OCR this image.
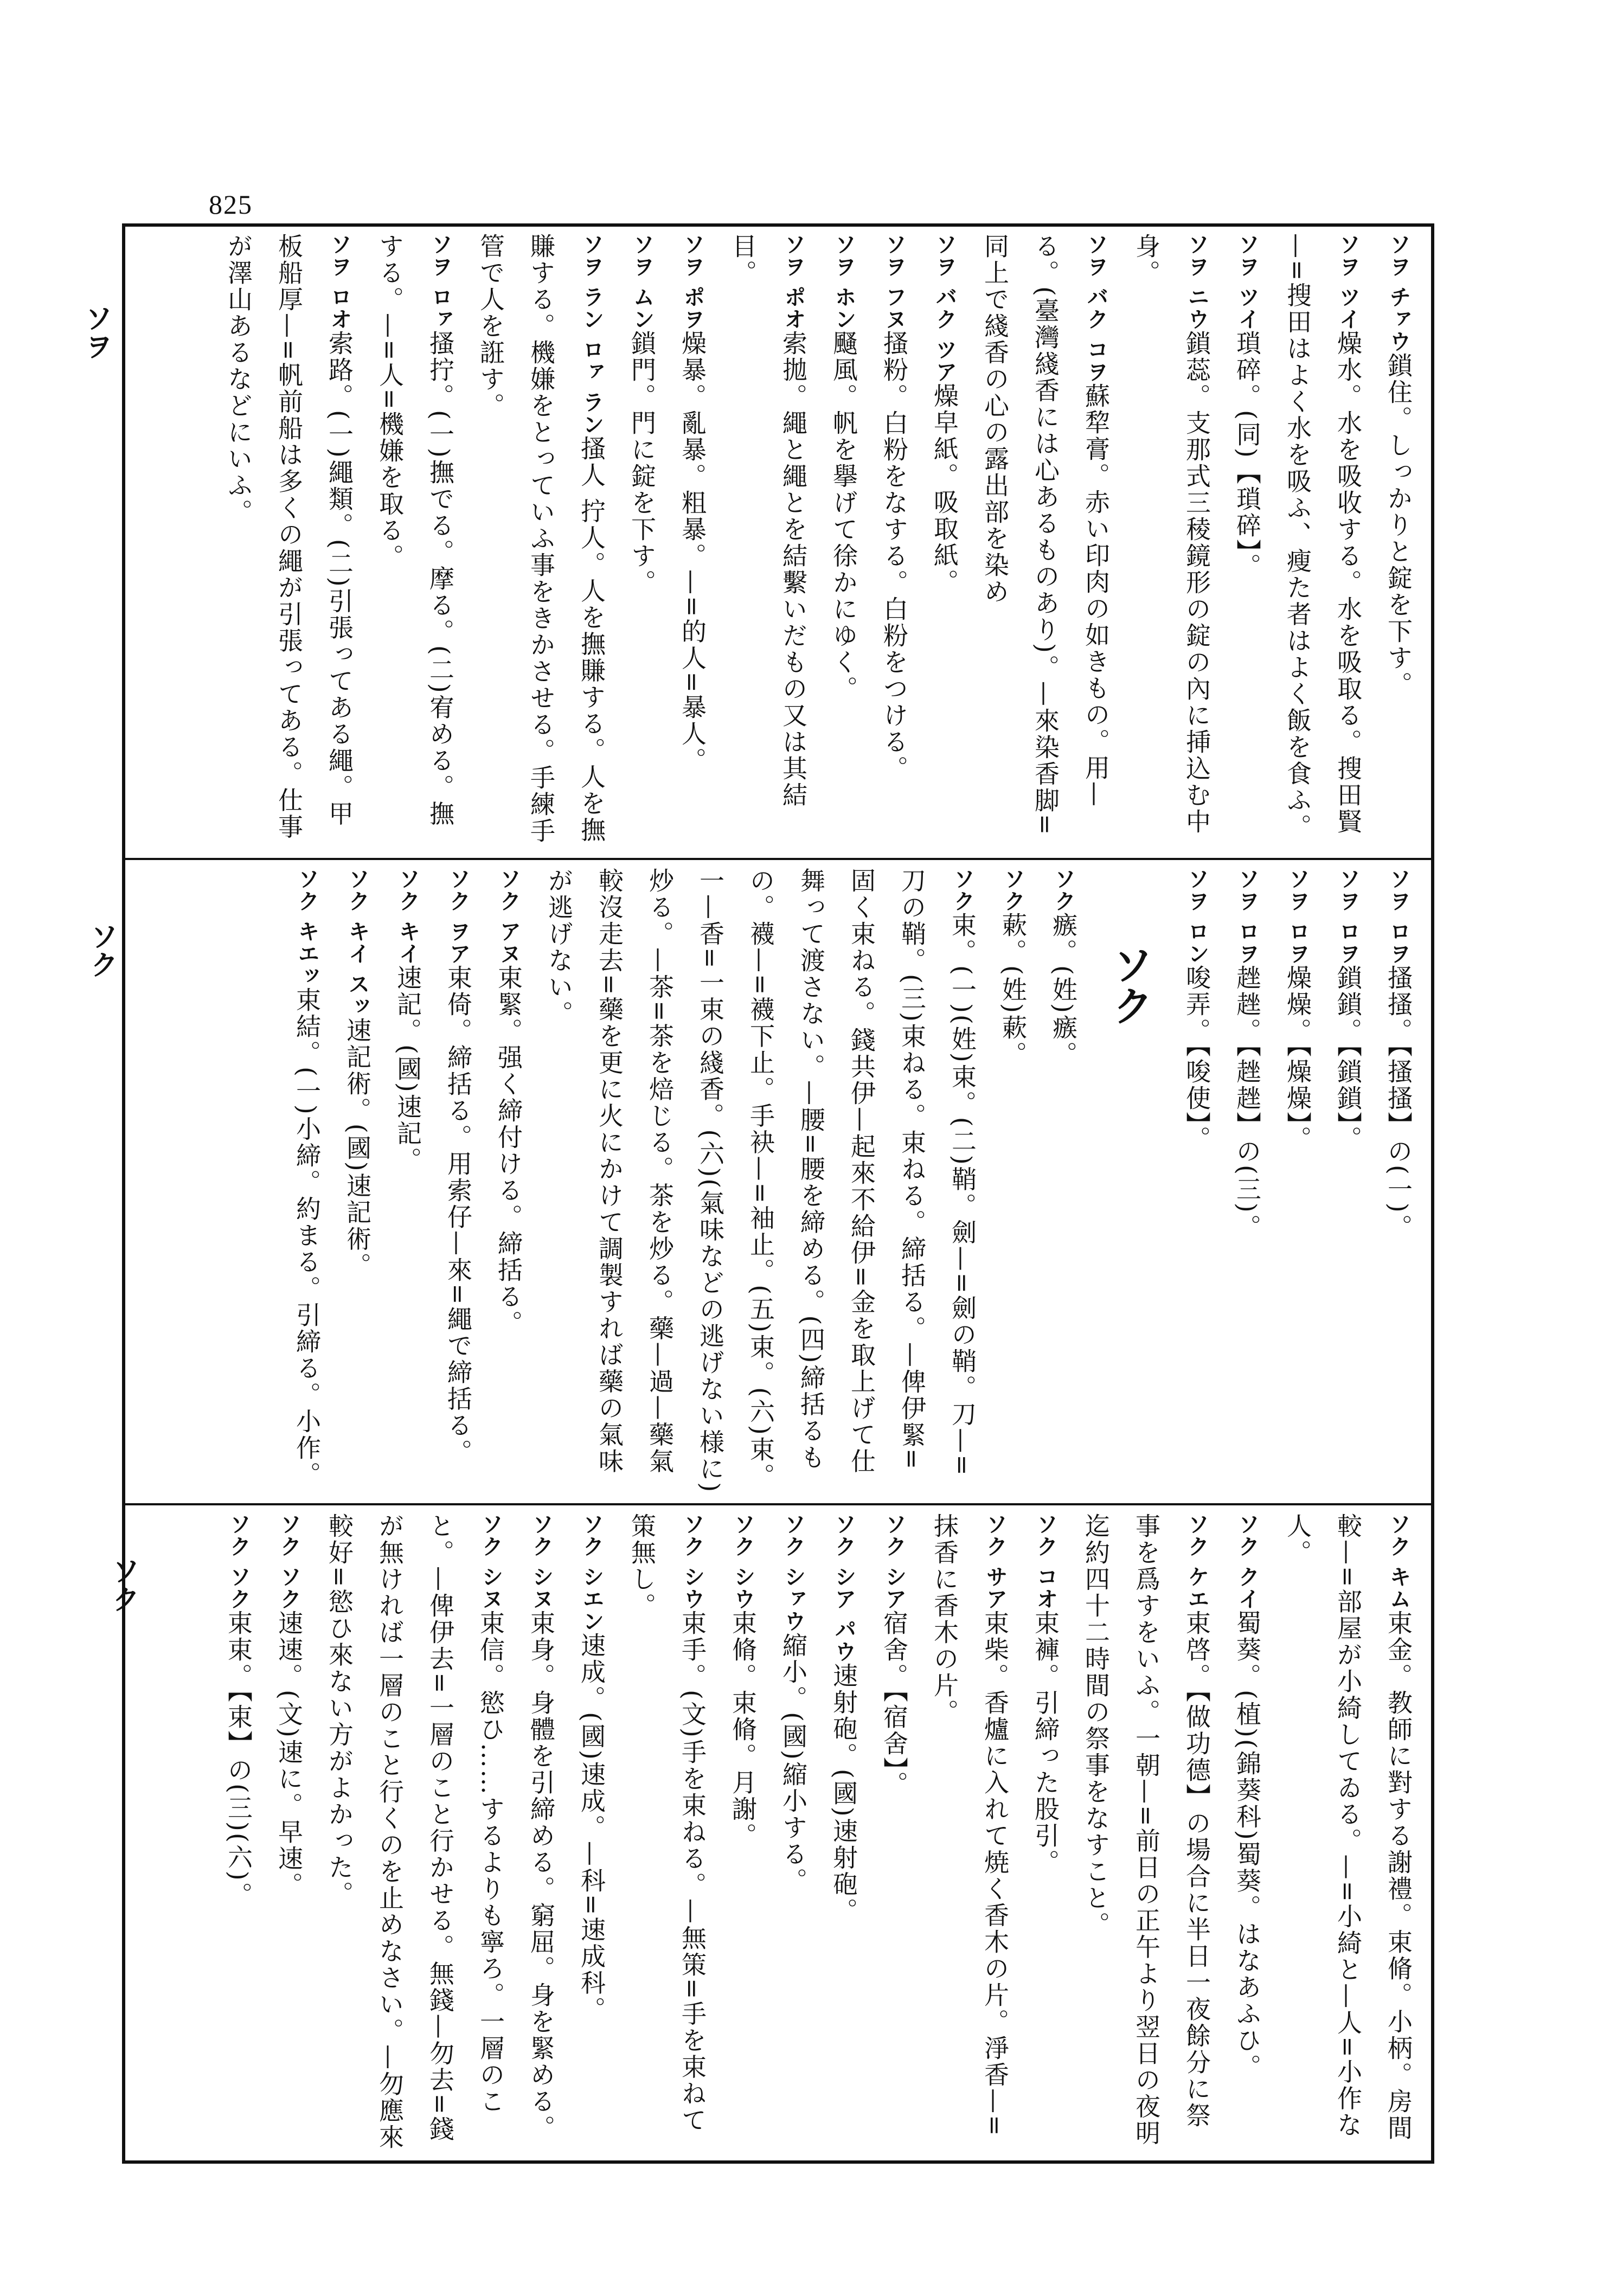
825
ソヲ
ソク
ソク

ソヲ チァウ鎖住。しっかりと錠を下す。

ソヲ ツイ燥水。水を吸收する。水を吸取る。搜田賢—=搜田はよく水を吸ふ、瘦た者はよく飯を食ふ。

ソヲ ツイ瑣碎。(同)【瑣碎】。

ソヲ ニウ鎖蕊。支那式三稜鏡形の錠の內に挿込む中身。

ソヲ バク コヲ蘇犂膏。赤い印肉の如きもの。用—る。(臺灣綫香には心あるものあり)。—來染香脚=同上で綫香の心の露出部を染め

ソヲ バク ツア燥皁紙。吸取紙。

ソヲ フヌ搔粉。白粉をなする。白粉をつける。

ソヲ ホン颾風。帆を擧げて徐かにゆく。

ソヲ ポオ索拋。繩と繩とを結繫いだもの又は其結目。

ソヲ ポヲ燥暴。亂暴。粗暴。—=的人=暴人。

ソヲ ムン鎖門。門に錠を下す。

ソヲ ラン ロァ ラン搔人 拧人。人を撫賺する。人を撫賺する。機嫌をとっていふ事をきかさせる。手練手管で人を誑す。

ソヲ ロァ搔拧。(一)撫でる。摩る。(二)宥める。撫する。—=人=機嫌を取る。

ソヲ ロオ索路。(一)繩類。(二)引張ってある繩。甲板船厚—=帆前船は多くの繩が引張ってある。仕事が澤山あるなどにいふ。

ソヲ ロヲ搔搔。【搔搔】の(一)。

ソヲ ロヲ鎖鎖。【鎖鎖】。

ソヲ ロヲ燥燥。【燥燥】。

ソヲ ロヲ趖趖。【趖趖】の(三)。

ソヲ ロン唆弄。【唆使】。

ソク

ソク瘯。(姓)瘯。

ソク蔌。(姓)蔌。

ソク束。(一)(姓)束。(二)鞘。劍—=劍の鞘。刀—=刀の鞘。(三)束ねる。束ねる。締括る。—俾伊緊=固く束ねる。錢共伊—起來不給伊=金を取上げて仕舞って渡さない。—腰=腰を締める。(四)締括るもの。襪—=襪下止。手袂—=袖止。(五)束。(六)束。一—香=一束の綫香。(六)(氣味などの逃げない様に)炒る。—茶=茶を焙じる。茶を炒る。藥—過—藥氣較沒走去=藥を更に火にかけて調製すれば藥の氣味が逃げない。

ソク アヌ束緊。强く締付ける。締括る。

ソク ヲア束倚。締括る。用索仔—來=繩で締括る。

ソク キイ速記。(國)速記。

ソク キイ スッ速記術。(國)速記術。

ソク キエッ束結。(一)小締。約まる。引締る。小作。

ソク キム束金。教師に對する謝禮。束脩。小柄。房間較—=部屋が小綺してゐる。—=小綺と—人=小作な人。

ソク クイ蜀葵。(植)(錦葵科)蜀葵。はなあふひ。

ソク ケエ束啓。【做功德】の場合に半日一夜餘分に祭事を爲すをいふ。一朝—=前日の正午より翌日の夜明迄約四十二時間の祭事をなすこと。

ソク コオ束褲。引締った股引。

ソク サア束柴。香爐に入れて焼く香木の片。淨香—=抹香に香木の片。

ソク シア宿舍。【宿舍】。

ソク シア パウ速射砲。(國)速射砲。

ソク シァウ縮小。(國)縮小する。

ソク シウ束脩。束脩。月謝。

ソク シウ束手。(文)手を束ねる。—無策=手を束ねて策無し。

ソク シエン速成。(國)速成。—科=速成科。

ソク シヌ束身。身體を引締める。窮屈。身を緊める。

ソク シヌ束信。慾ひ……するよりも寧ろ。一層のこと。—俾伊去=一層のこと行かせる。無錢—勿去=錢が無ければ一層のこと行くのを止めなさい。—勿應來較好=慾ひ來ない方がよかった。

ソク ソク速速。(文)速に。早速。

ソク ソク束束。【束】の(三)(六)。
